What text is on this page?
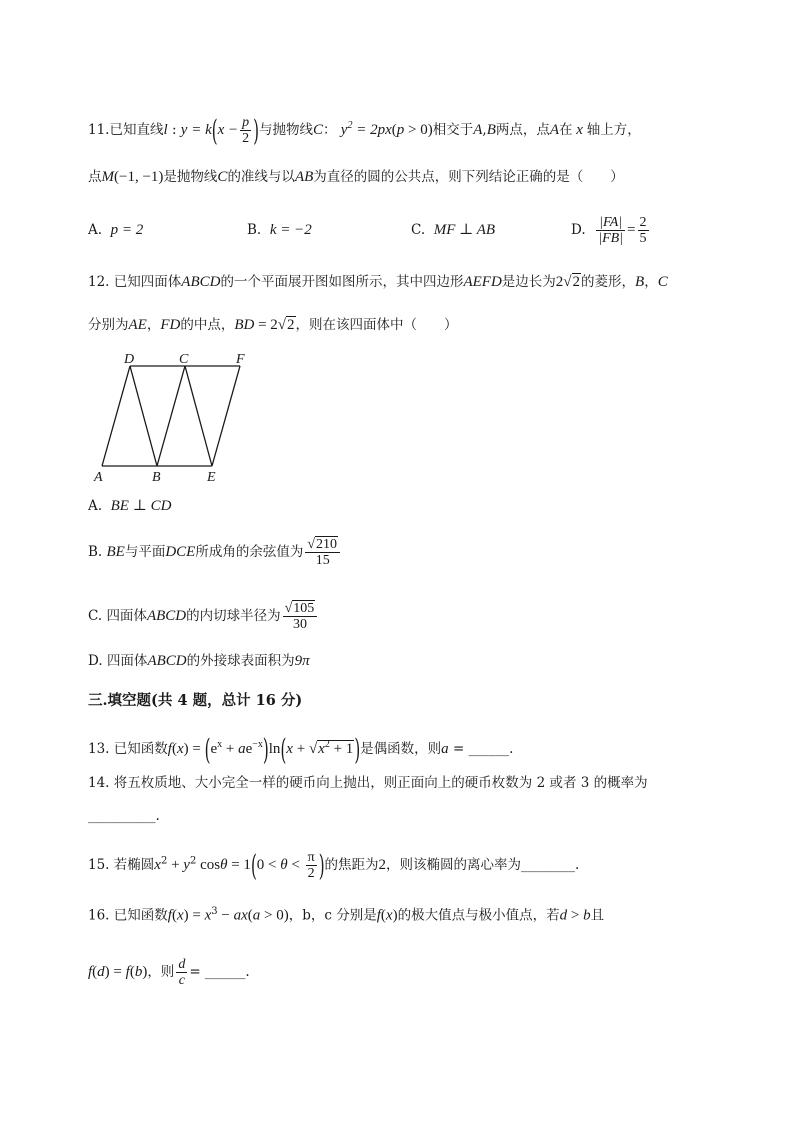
11.已知直线l : $y = k(x - \frac{p}{2}$ )与抛物线C： $y^2 = 2px(p > 0)$相交于A,B两点，点A在 x 轴上方，
点M(−1, −1)是抛物线C的准线与以AB为直径的圆的公共点，则下列结论正确的是（　　）
A. p = 2	B. k = −2	C. MF ⊥ AB	D. $\frac{|FA|}{|FB|} = \frac{2}{5}$
12. 已知四面体ABCD的一个平面展开图如图所示，其中四边形AEFD是边长为2√2的菱形，B，C
分别为AE，FD的中点，BD = 2√2，则在该四面体中（　　）
D	C	F
A	B	E
A. BE ⊥ CD
B. BE与平面DCE所成角的余弦值为 $\frac{√210}{15}$
C. 四面体ABCD的内切球半径为 $\frac{√105}{30}$
D. 四面体ABCD的外接球表面积为9π
三.填空题(共 4 题，总计 16 分)
13. 已知函数$f(x) = (e^x + ae^{-x})\ln(x + √x^2 + 1)$是偶函数，则a = ______.
14. 将五枚质地、大小完全一样的硬币向上抛出，则正面向上的硬币枚数为 2 或者 3 的概率为
__________.
15. 若椭圆$x^2 + y^2$ $\cos\theta = 1(0 < \theta < \frac{\pi}{2}$ )的焦距为2，则该椭圆的离心率为________.
16. 已知函数$f(x) = x^3 - ax(a > 0)$，b，c 分别是f(x)的极大值点与极小值点，若d > b且
f(d) = f(b)，则 $\frac{d}{c}$ = ______.
